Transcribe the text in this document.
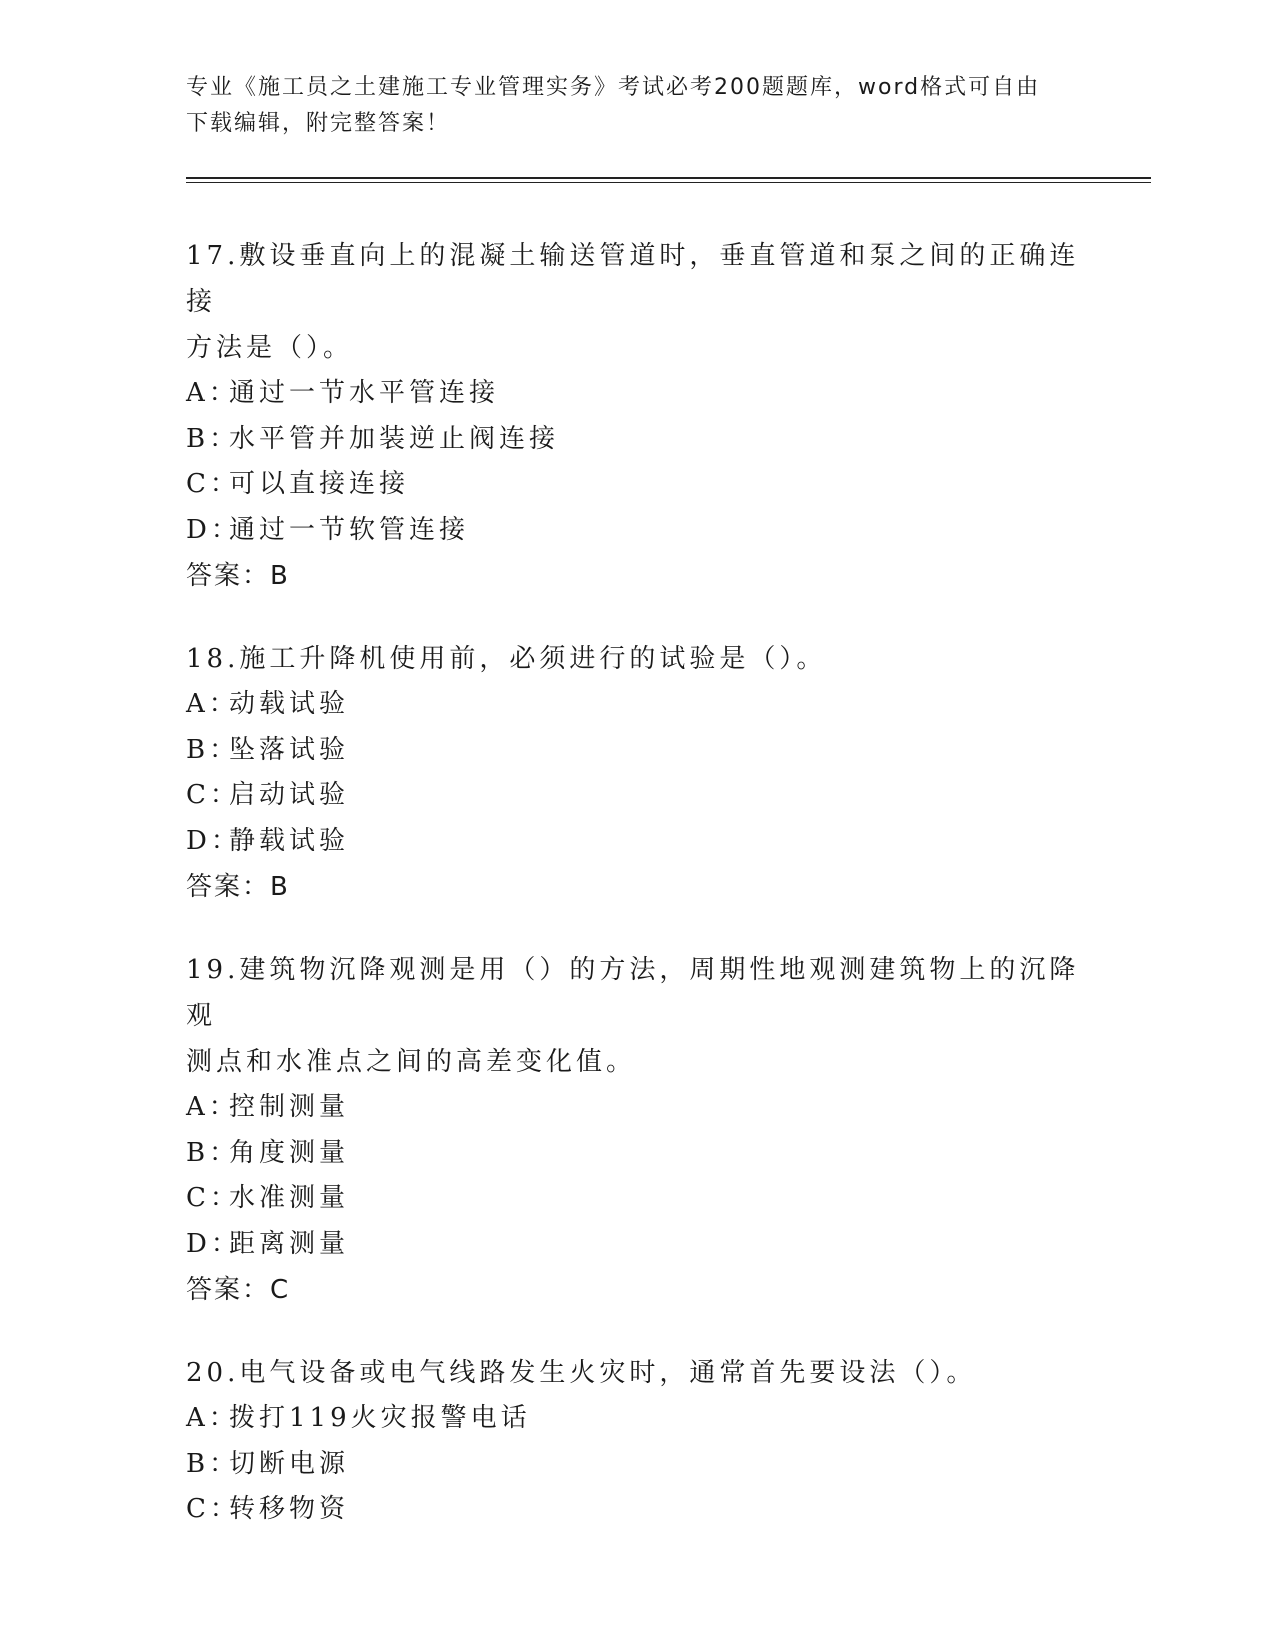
专业《施工员之土建施工专业管理实务》考试必考200题题库，word格式可自由
下载编辑，附完整答案！

17.敷设垂直向上的混凝土输送管道时，垂直管道和泵之间的正确连接
方法是（）。

A：通过一节水平管连接

B：水平管并加装逆止阀连接

C：可以直接连接

D：通过一节软管连接

答案：B

18.施工升降机使用前，必须进行的试验是（）。

A：动载试验

B：坠落试验

C：启动试验

D：静载试验

答案：B

19.建筑物沉降观测是用（）的方法，周期性地观测建筑物上的沉降观
测点和水准点之间的高差变化值。

A：控制测量

B：角度测量

C：水准测量

D：距离测量

答案：C

20.电气设备或电气线路发生火灾时，通常首先要设法（）。

A：拨打119火灾报警电话

B：切断电源

C：转移物资
